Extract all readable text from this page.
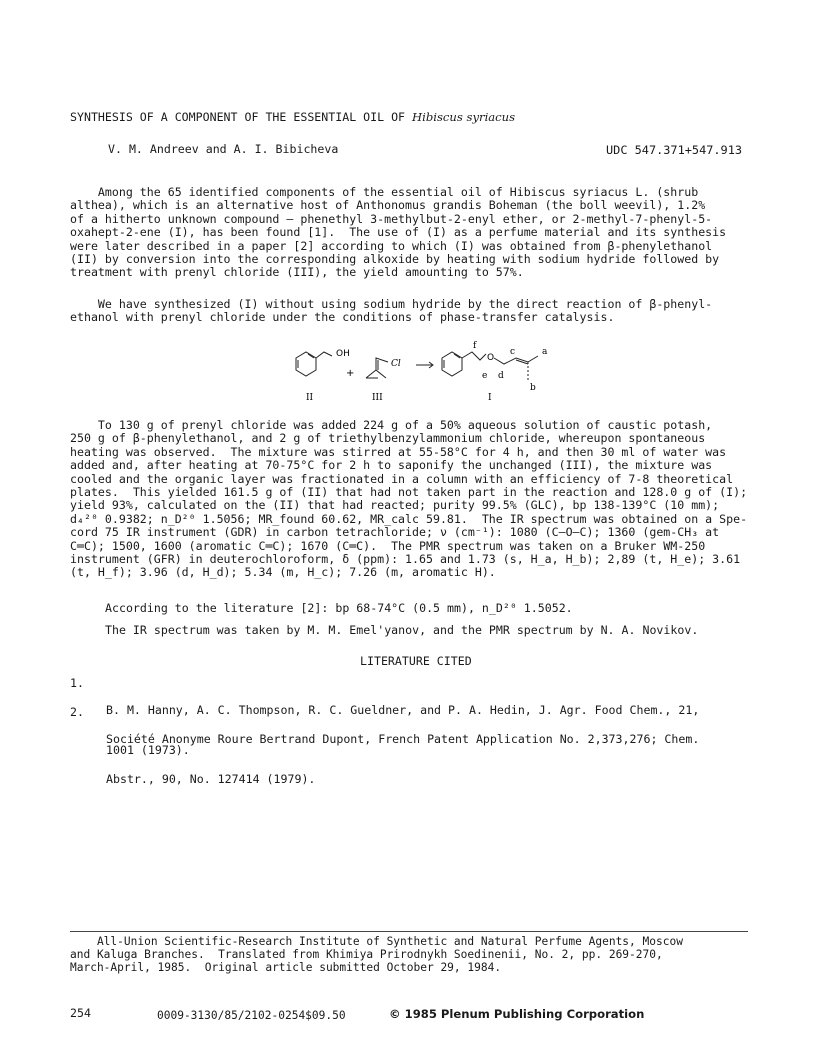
SYNTHESIS OF A COMPONENT OF THE ESSENTIAL OIL OF Hibiscus syriacus
V. M. Andreev and A. I. Bibicheva	UDC 547.371+547.913
Among the 65 identified components of the essential oil of Hibiscus syriacus L. (shrub
althea), which is an alternative host of Anthonomus grandis Boheman (the boll weevil), 1.2%
of a hitherto unknown compound — phenethyl 3-methylbut-2-enyl ether, or 2-methyl-7-phenyl-5-
oxahept-2-ene (I), has been found [1].  The use of (I) as a perfume material and its synthesis
were later described in a paper [2] according to which (I) was obtained from β-phenylethanol
(II) by conversion into the corresponding alkoxide by heating with sodium hydride followed by
treatment with prenyl chloride (III), the yield amounting to 57%.
We have synthesized (I) without using sodium hydride by the direct reaction of β-phenyl-
ethanol with prenyl chloride under the conditions of phase-transfer catalysis.
OH
+
Cl
O
a
b
c
d
e
f
II	III	I
To 130 g of prenyl chloride was added 224 g of a 50% aqueous solution of caustic potash,
250 g of β-phenylethanol, and 2 g of triethylbenzylammonium chloride, whereupon spontaneous
heating was observed.  The mixture was stirred at 55-58°C for 4 h, and then 30 ml of water was
added and, after heating at 70-75°C for 2 h to saponify the unchanged (III), the mixture was
cooled and the organic layer was fractionated in a column with an efficiency of 7-8 theoretical
plates.  This yielded 161.5 g of (II) that had not taken part in the reaction and 128.0 g of (I);
yield 93%, calculated on the (II) that had reacted; purity 99.5% (GLC), bp 138-139°C (10 mm);
d₄²⁰ 0.9382; n_D²⁰ 1.5056; MR_found 60.62, MR_calc 59.81.  The IR spectrum was obtained on a Spe-
cord 75 IR instrument (GDR) in carbon tetrachloride; ν (cm⁻¹): 1080 (C—O—C); 1360 (gem-CH₃ at
C═C); 1500, 1600 (aromatic C═C); 1670 (C═C).  The PMR spectrum was taken on a Bruker WM-250
instrument (GFR) in deuterochloroform, δ (ppm): 1.65 and 1.73 (s, H_a, H_b); 2,89 (t, H_e); 3.61
(t, H_f); 3.96 (d, H_d); 5.34 (m, H_c); 7.26 (m, aromatic H).
According to the literature [2]: bp 68-74°C (0.5 mm), n_D²⁰ 1.5052.
The IR spectrum was taken by M. M. Emel'yanov, and the PMR spectrum by N. A. Novikov.
LITERATURE CITED

1.

B. M. Hanny, A. C. Thompson, R. C. Gueldner, and P. A. Hedin, J. Agr. Food Chem., 21,

1001 (1973).

2.

Société Anonyme Roure Bertrand Dupont, French Patent Application No. 2,373,276; Chem.

Abstr., 90, No. 127414 (1979).

All-Union Scientific-Research Institute of Synthetic and Natural Perfume Agents, Moscow
and Kaluga Branches.  Translated from Khimiya Prirodnykh Soedinenii, No. 2, pp. 269-270,
March-April, 1985.  Original article submitted October 29, 1984.
254	0009-3130/85/2102-0254$09.50	© 1985 Plenum Publishing Corporation
